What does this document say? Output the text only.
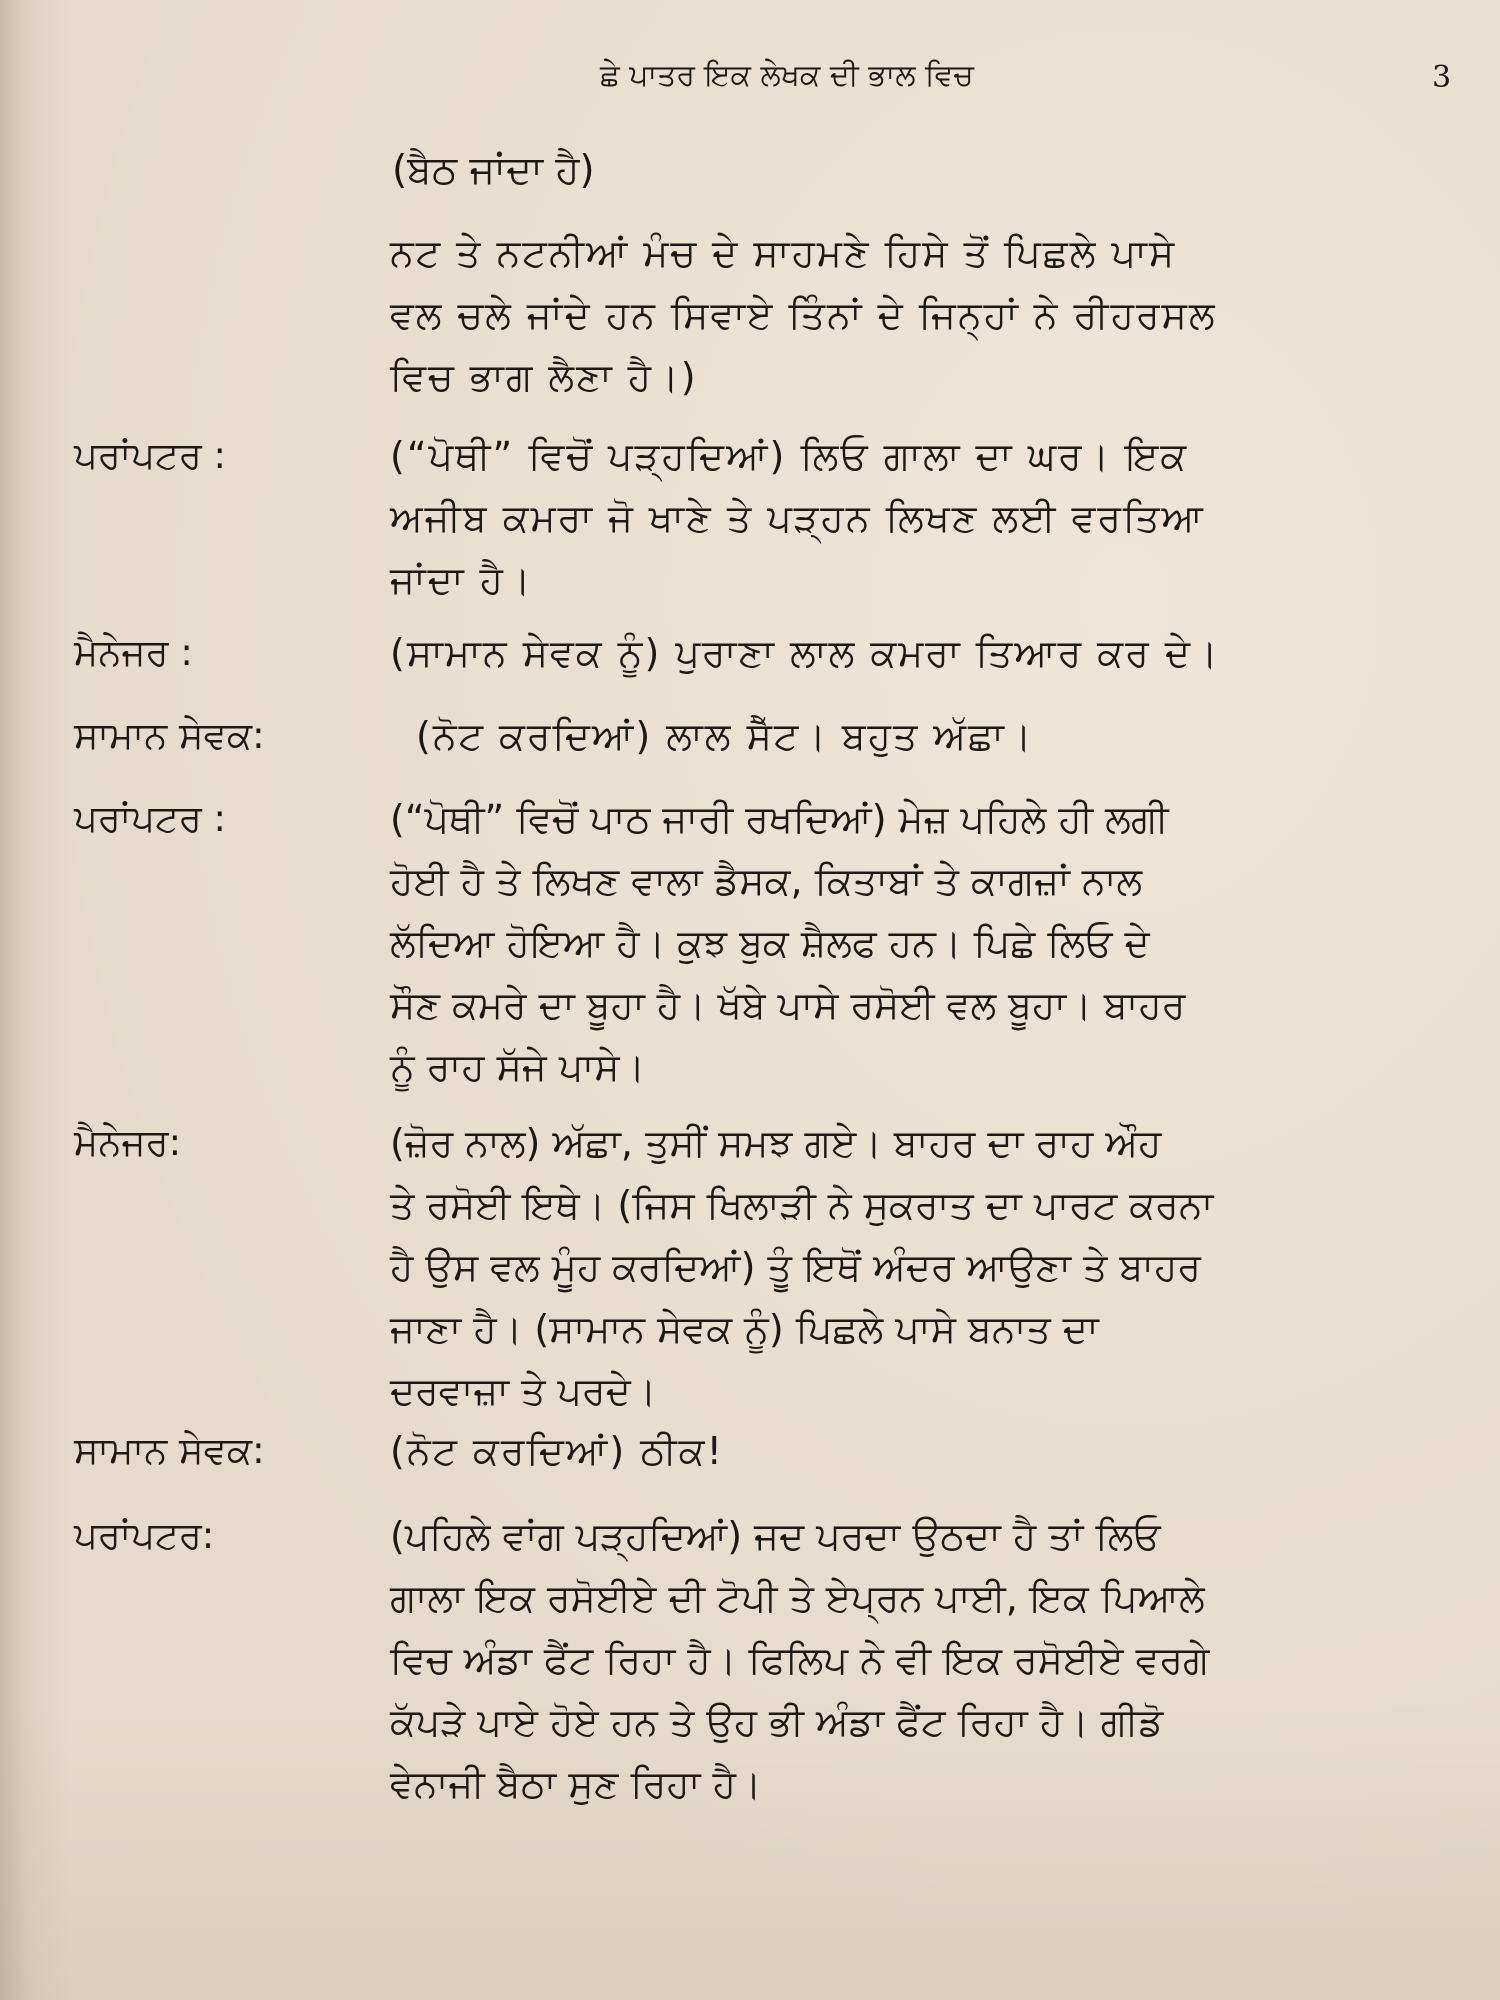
ਛੇ ਪਾਤਰ ਇਕ ਲੇਖਕ ਦੀ ਭਾਲ ਵਿਚ	3
(ਬੈਠ ਜਾਂਦਾ ਹੈ)
ਨਟ ਤੇ ਨਟਨੀਆਂ ਮੰਚ ਦੇ ਸਾਹਮਣੇ ਹਿਸੇ ਤੋਂ ਪਿਛਲੇ ਪਾਸੇ
ਵਲ ਚਲੇ ਜਾਂਦੇ ਹਨ ਸਿਵਾਏ ਤਿੰਨਾਂ ਦੇ ਜਿਨ੍ਹਾਂ ਨੇ ਰੀਹਰਸਲ
ਵਿਚ ਭਾਗ ਲੈਣਾ ਹੈ।)
ਪਰਾਂਪਟਰ :	(“ਪੋਥੀ” ਵਿਚੋਂ ਪੜ੍ਹਦਿਆਂ) ਲਿਓ ਗਾਲਾ ਦਾ ਘਰ। ਇਕ
ਅਜੀਬ ਕਮਰਾ ਜੋ ਖਾਣੇ ਤੇ ਪੜ੍ਹਨ ਲਿਖਣ ਲਈ ਵਰਤਿਆ
ਜਾਂਦਾ ਹੈ।
ਮੈਨੇਜਰ :	(ਸਾਮਾਨ ਸੇਵਕ ਨੂੰ) ਪੁਰਾਣਾ ਲਾਲ ਕਮਰਾ ਤਿਆਰ ਕਰ ਦੇ।
ਸਾਮਾਨ ਸੇਵਕ:	(ਨੋਟ ਕਰਦਿਆਂ) ਲਾਲ ਸੈੱਟ। ਬਹੁਤ ਅੱਛਾ।
ਪਰਾਂਪਟਰ :	(“ਪੋਥੀ” ਵਿਚੋਂ ਪਾਠ ਜਾਰੀ ਰਖਦਿਆਂ) ਮੇਜ਼ ਪਹਿਲੇ ਹੀ ਲਗੀ
ਹੋਈ ਹੈ ਤੇ ਲਿਖਣ ਵਾਲਾ ਡੈਸਕ, ਕਿਤਾਬਾਂ ਤੇ ਕਾਗਜ਼ਾਂ ਨਾਲ
ਲੱਦਿਆ ਹੋਇਆ ਹੈ। ਕੁਝ ਬੁਕ ਸ਼ੈਲਫ ਹਨ। ਪਿਛੇ ਲਿਓ ਦੇ
ਸੌਣ ਕਮਰੇ ਦਾ ਬੂਹਾ ਹੈ। ਖੱਬੇ ਪਾਸੇ ਰਸੋਈ ਵਲ ਬੂਹਾ। ਬਾਹਰ
ਨੂੰ ਰਾਹ ਸੱਜੇ ਪਾਸੇ।
ਮੈਨੇਜਰ:	(ਜ਼ੋਰ ਨਾਲ) ਅੱਛਾ, ਤੁਸੀਂ ਸਮਝ ਗਏ। ਬਾਹਰ ਦਾ ਰਾਹ ਔਹ
ਤੇ ਰਸੋਈ ਇਥੇ। (ਜਿਸ ਖਿਲਾੜੀ ਨੇ ਸੁਕਰਾਤ ਦਾ ਪਾਰਟ ਕਰਨਾ
ਹੈ ਉਸ ਵਲ ਮੂੰਹ ਕਰਦਿਆਂ) ਤੂੰ ਇਥੋਂ ਅੰਦਰ ਆਉਣਾ ਤੇ ਬਾਹਰ
ਜਾਣਾ ਹੈ। (ਸਾਮਾਨ ਸੇਵਕ ਨੂੰ) ਪਿਛਲੇ ਪਾਸੇ ਬਨਾਤ ਦਾ
ਦਰਵਾਜ਼ਾ ਤੇ ਪਰਦੇ।
ਸਾਮਾਨ ਸੇਵਕ:	(ਨੋਟ ਕਰਦਿਆਂ) ਠੀਕ!
ਪਰਾਂਪਟਰ:	(ਪਹਿਲੇ ਵਾਂਗ ਪੜ੍ਹਦਿਆਂ) ਜਦ ਪਰਦਾ ਉਠਦਾ ਹੈ ਤਾਂ ਲਿਓ
ਗਾਲਾ ਇਕ ਰਸੋਈਏ ਦੀ ਟੋਪੀ ਤੇ ਏਪ੍ਰਨ ਪਾਈ, ਇਕ ਪਿਆਲੇ
ਵਿਚ ਅੰਡਾ ਫੈਂਟ ਰਿਹਾ ਹੈ। ਫਿਲਿਪ ਨੇ ਵੀ ਇਕ ਰਸੋਈਏ ਵਰਗੇ
ਕੱਪੜੇ ਪਾਏ ਹੋਏ ਹਨ ਤੇ ਉਹ ਭੀ ਅੰਡਾ ਫੈਂਟ ਰਿਹਾ ਹੈ। ਗੀਡੋ
ਵੇਨਾਜੀ ਬੈਠਾ ਸੁਣ ਰਿਹਾ ਹੈ।
